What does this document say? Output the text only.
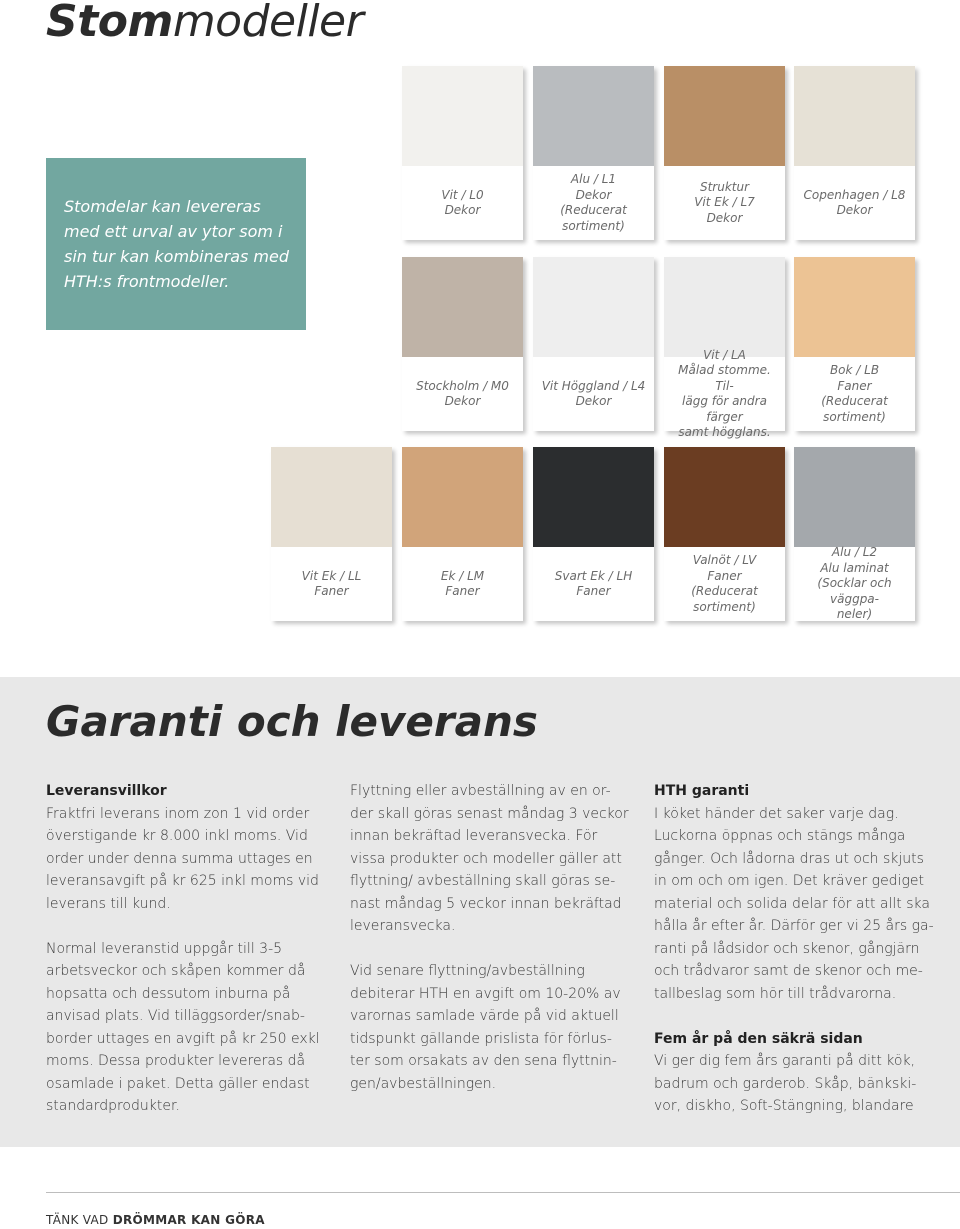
Stommodeller

Stomdelar kan levereras
med ett urval av ytor som i
sin tur kan kombineras med
HTH:s frontmodeller.

Vit / L0
Dekor
Alu / L1
Dekor
(Reducerat sortiment)
Struktur
Vit Ek / L7
Dekor
Copenhagen / L8
Dekor
Stockholm / M0
Dekor
Vit Höggland / L4
Dekor
Vit / LA
Målad stomme. Til-
lägg för andra färger
samt högglans.
Bok / LB
Faner
(Reducerat sortiment)
Vit Ek / LL
Faner
Ek / LM
Faner
Svart Ek / LH
Faner
Valnöt / LV
Faner
(Reducerat sortiment)
Alu / L2
Alu laminat
(Socklar och väggpa-
neler)
Garanti och leverans
Leveransvillkor

Fraktfri leverans inom zon 1 vid order
överstigande kr 8.000 inkl moms. Vid
order under denna summa uttages en
leveransavgift på kr 625 inkl moms vid
leverans till kund.

Normal leveranstid uppgår till 3-5
arbetsveckor och skåpen kommer då
hopsatta och dessutom inburna på
anvisad plats. Vid tilläggsorder/snab-
border uttages en avgift på kr 250 exkl
moms. Dessa produkter levereras då
osamlade i paket. Detta gäller endast
standardprodukter.

Flyttning eller avbeställning av en or-
der skall göras senast måndag 3 veckor
innan bekräftad leveransvecka. För
vissa produkter och modeller gäller att
flyttning/ avbeställning skall göras se-
nast måndag 5 veckor innan bekräftad
leveransvecka.

Vid senare flyttning/avbeställning
debiterar HTH en avgift om 10-20% av
varornas samlade värde på vid aktuell
tidspunkt gällande prislista för förlus-
ter som orsakats av den sena flyttnin-
gen/avbeställningen.

HTH garanti

I köket händer det saker varje dag.
Luckorna öppnas och stängs många
gånger. Och lådorna dras ut och skjuts
in om och om igen. Det kräver gediget
material och solida delar för att allt ska
hålla år efter år. Därför ger vi 25 års ga-
ranti på lådsidor och skenor, gångjärn
och trådvaror samt de skenor och me-
tallbeslag som hör till trådvarorna.

Fem år på den säkrä sidan

Vi ger dig fem års garanti på ditt kök,
badrum och garderob. Skåp, bänkski-
vor, diskho, Soft-Stängning, blandare

TÄNK VAD DRÖMMAR KAN GÖRA
